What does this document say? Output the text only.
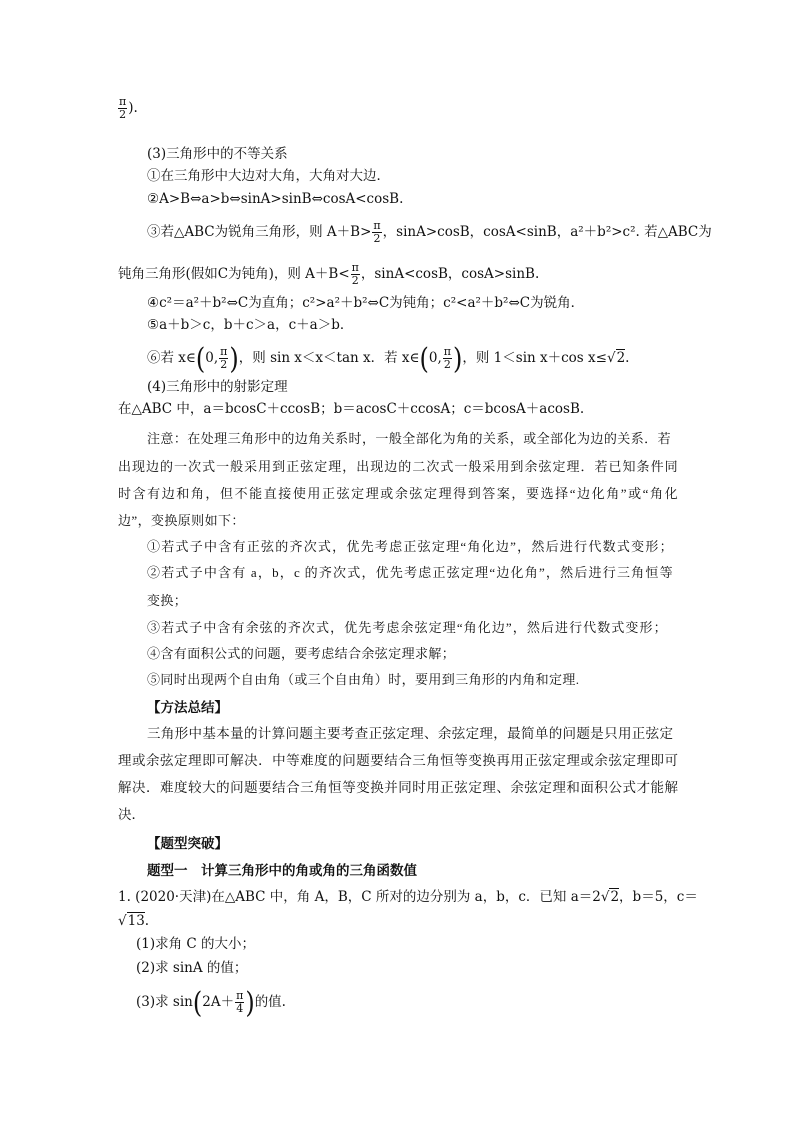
$\frac{\pi}{2}$ ).
(3)三角形中的不等关系
①在三角形中大边对大角，大角对大边．
②A>B⇔a>b⇔sinA>sinB⇔cosA<cosB.
③若△ABC为锐角三角形，则 $A+B> \frac{\pi}{2}$ ，sinA>cosB，cosA<sinB，a²＋b²>c². 若△ABC为
钝角三角形(假如C为钝角)，则 $A+B< \frac{\pi}{2}$ ，sinA<cosB，cosA>sinB.
④c²＝a²＋b²⇔C为直角；c²>a²＋b²⇔C为钝角；c²<a²＋b²⇔C为锐角．
⑤a＋b＞c，b＋c＞a，c＋a＞b．
⑥若 x∈(0, $\frac{\pi}{2}$ )，则 sin x＜x＜tan x．若 x∈(0, $\frac{\pi}{2}$ )，则 1＜sin x＋cos x≤√2.
(4)三角形中的射影定理
在△ABC 中，a＝bcosC＋ccosB；b＝acosC＋ccosA；c＝bcosA＋acosB.
注意：在处理三角形中的边角关系时，一般全部化为角的关系，或全部化为边的关系．若
出现边的一次式一般采用到正弦定理，出现边的二次式一般采用到余弦定理．若已知条件同
时含有边和角，但不能直接使用正弦定理或余弦定理得到答案，要选择“边化角”或“角化
边”，变换原则如下：
①若式子中含有正弦的齐次式，优先考虑正弦定理“角化边”，然后进行代数式变形；
②若式子中含有 a，b，c 的齐次式，优先考虑正弦定理“边化角”，然后进行三角恒等
变换；
③若式子中含有余弦的齐次式，优先考虑余弦定理“角化边”，然后进行代数式变形；
④含有面积公式的问题，要考虑结合余弦定理求解；
⑤同时出现两个自由角（或三个自由角）时，要用到三角形的内角和定理.
【方法总结】
三角形中基本量的计算问题主要考查正弦定理、余弦定理，最简单的问题是只用正弦定
理或余弦定理即可解决．中等难度的问题要结合三角恒等变换再用正弦定理或余弦定理即可
解决．难度较大的问题要结合三角恒等变换并同时用正弦定理、余弦定理和面积公式才能解
决．
【题型突破】
题型一　计算三角形中的角或角的三角函数值
1. (2020·天津)在△ABC 中，角 A，B，C 所对的边分别为 a，b，c．已知 a＝2√2，b＝5，c＝
√13.
(1)求角 C 的大小；
(2)求 sinA 的值；
(3)求 $\sin(2A+ \frac{\pi}{4}$ )的值.
